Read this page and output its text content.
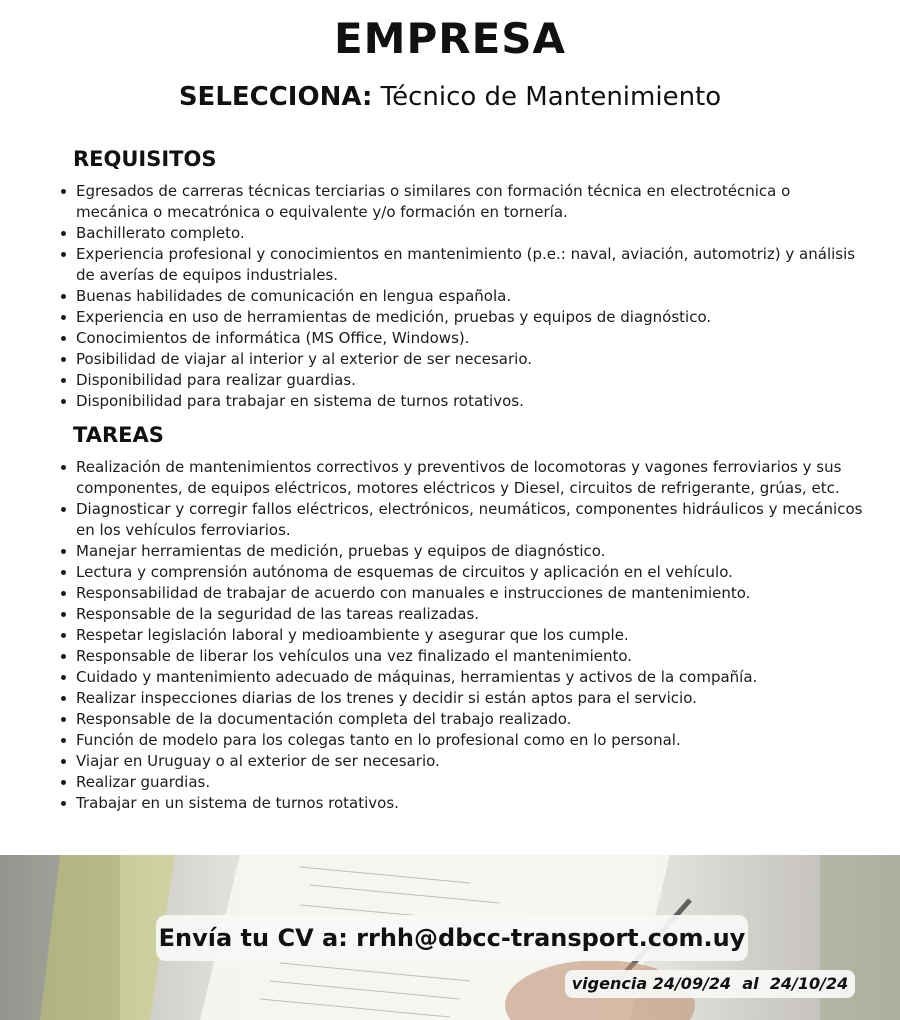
EMPRESA
SELECCIONA: Técnico de Mantenimiento
REQUISITOS
Egresados de carreras técnicas terciarias o similares con formación técnica en electrotécnica o mecánica o mecatrónica o equivalente y/o formación en tornería.
Bachillerato completo.
Experiencia profesional y conocimientos en mantenimiento (p.e.: naval, aviación, automotriz) y análisis de averías de equipos industriales.
Buenas habilidades de comunicación en lengua española.
Experiencia en uso de herramientas de medición, pruebas y equipos de diagnóstico.
Conocimientos de informática (MS Office, Windows).
Posibilidad de viajar al interior y al exterior de ser necesario.
Disponibilidad para realizar guardias.
Disponibilidad para trabajar en sistema de turnos rotativos.
TAREAS
Realización de mantenimientos correctivos y preventivos de locomotoras y vagones ferroviarios y sus componentes, de equipos eléctricos, motores eléctricos y Diesel, circuitos de refrigerante, grúas, etc.
Diagnosticar y corregir fallos eléctricos, electrónicos, neumáticos, componentes hidráulicos y mecánicos en los vehículos ferroviarios.
Manejar herramientas de medición, pruebas y equipos de diagnóstico.
Lectura y comprensión autónoma de esquemas de circuitos y aplicación en el vehículo.
Responsabilidad de trabajar de acuerdo con manuales e instrucciones de mantenimiento.
Responsable de la seguridad de las tareas realizadas.
Respetar legislación laboral y medioambiente y asegurar que los cumple.
Responsable de liberar los vehículos una vez finalizado el mantenimiento.
Cuidado y mantenimiento adecuado de máquinas, herramientas y activos de la compañía.
Realizar inspecciones diarias de los trenes y decidir si están aptos para el servicio.
Responsable de la documentación completa del trabajo realizado.
Función de modelo para los colegas tanto en lo profesional como en lo personal.
Viajar en Uruguay o al exterior de ser necesario.
Realizar guardias.
Trabajar en un sistema de turnos rotativos.
Envía tu CV a: rrhh@dbcc-transport.com.uy
vigencia 24/09/24  al  24/10/24
